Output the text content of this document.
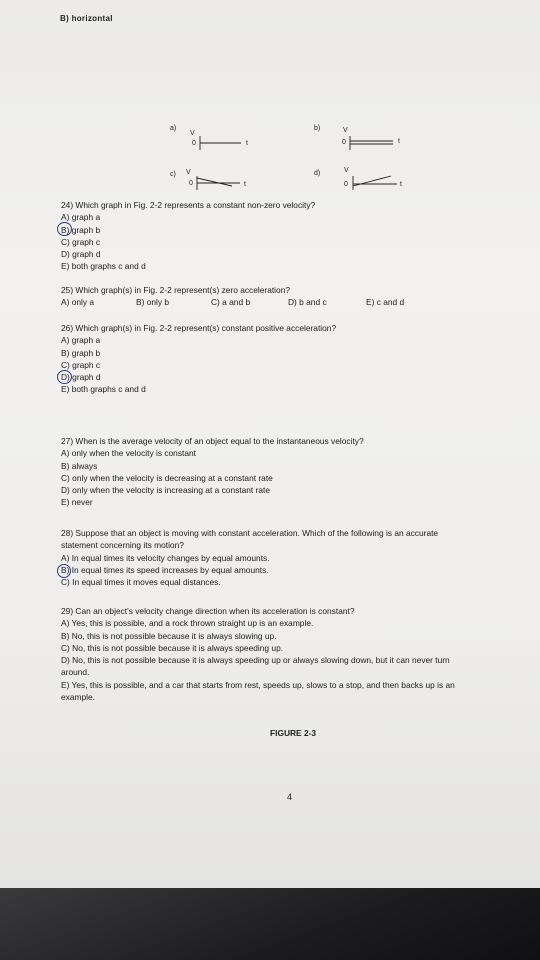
B) horizontal
a)
V
0	t
b)	V
0	t
c) V
0	t
d)	V
0	t
24) Which graph in Fig. 2-2 represents a constant non-zero velocity?
A) graph a
B) graph b
C) graph c
D) graph d
E) both graphs c and d
25) Which graph(s) in Fig. 2-2 represent(s) zero acceleration?
A) only a	B) only b	C) a and b	D) b and c	E) c and d
26) Which graph(s) in Fig. 2-2 represent(s) constant positive acceleration?
A) graph a
B) graph b
C) graph c
D) graph d
E) both graphs c and d
27) When is the average velocity of an object equal to the instantaneous velocity?
A) only when the velocity is constant
B) always
C) only when the velocity is decreasing at a constant rate
D) only when the velocity is increasing at a constant rate
E) never
28) Suppose that an object is moving with constant acceleration. Which of the following is an accurate
statement concerning its motion?
A) In equal times its velocity changes by equal amounts.
B) In equal times its speed increases by equal amounts.
C) In equal times it moves equal distances.
29) Can an object's velocity change direction when its acceleration is constant?
A) Yes, this is possible, and a rock thrown straight up is an example.
B) No, this is not possible because it is always slowing up.
C) No, this is not possible because it is always speeding up.
D) No, this is not possible because it is always speeding up or always slowing down, but it can never turn
around.
E) Yes, this is possible, and a car that starts from rest, speeds up, slows to a stop, and then backs up is an
example.
FIGURE 2-3
4
